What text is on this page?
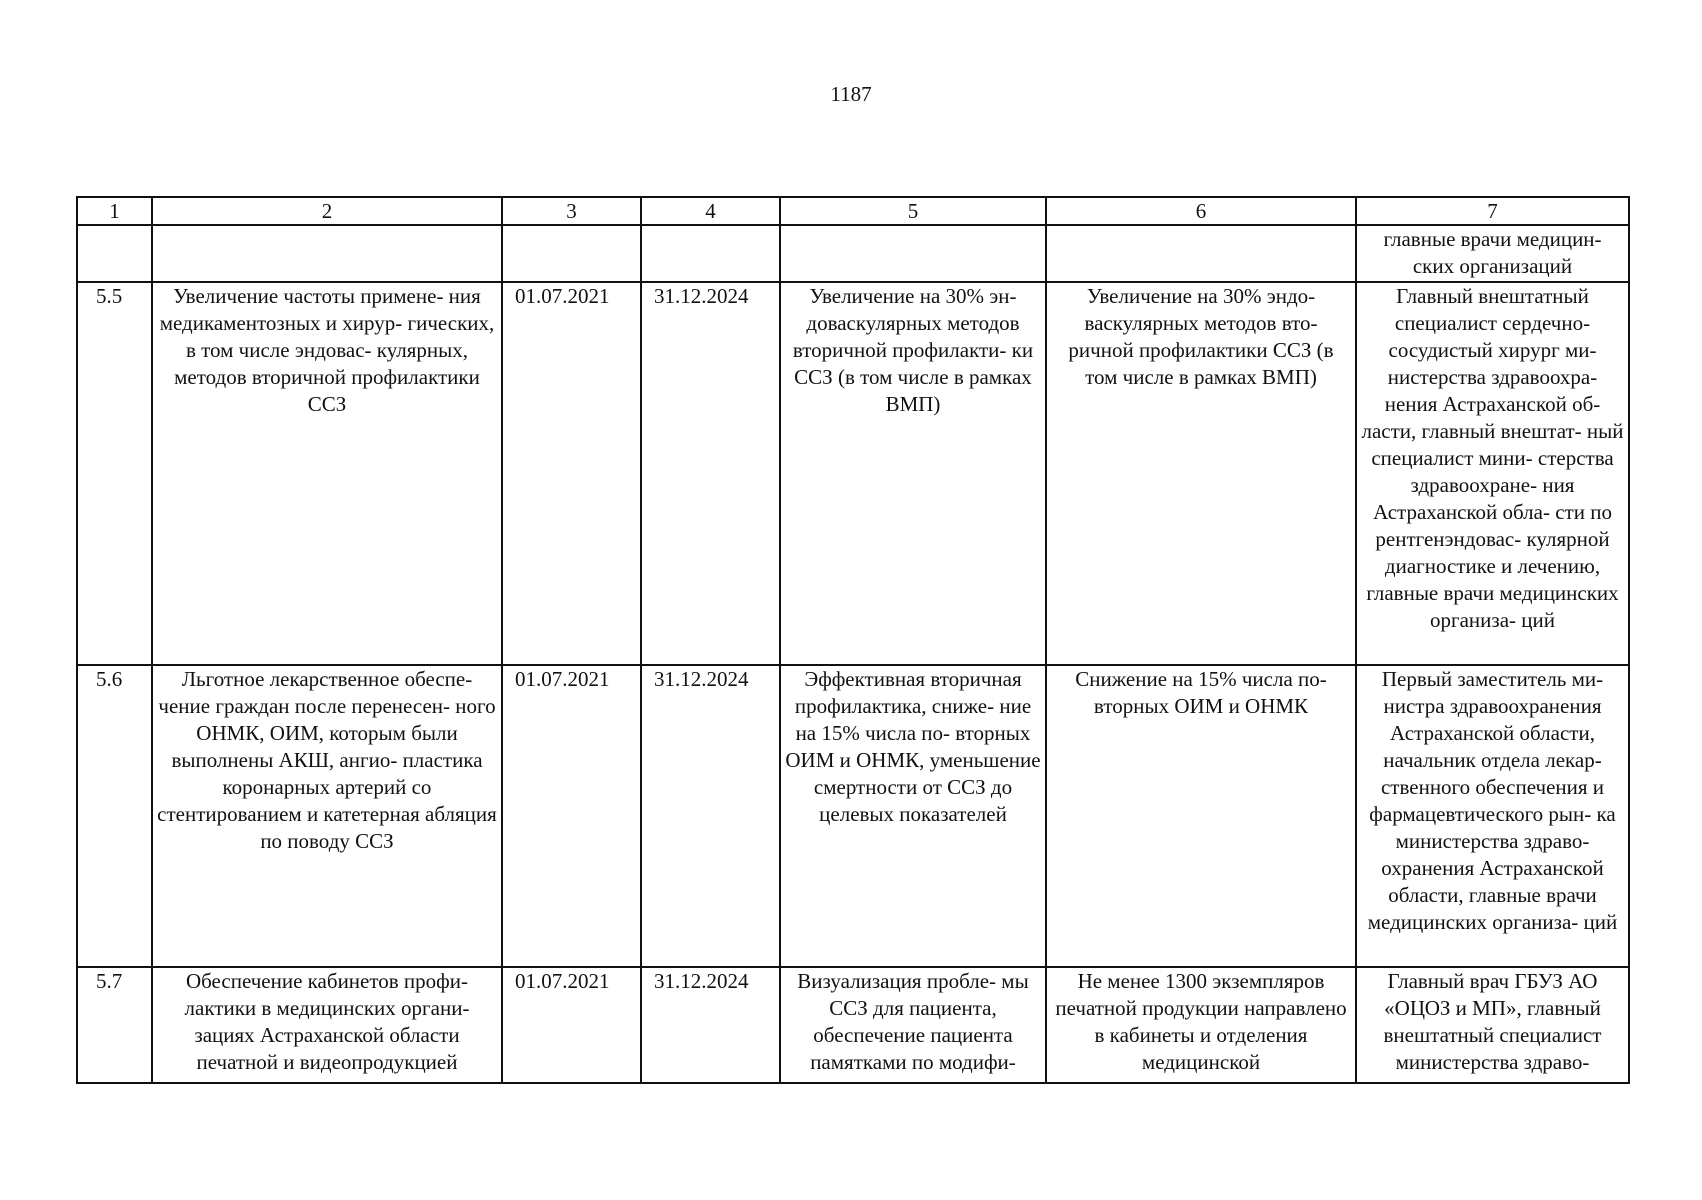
1187
1	2	3	4	5	6	7
						главные врачи медицин- ских организаций
5.5	Увеличение частоты примене- ния медикаментозных и хирур- гических, в том числе эндовас- кулярных, методов вторичной профилактики ССЗ	01.07.2021	31.12.2024	Увеличение на 30% эн- доваскулярных методов вторичной профилакти- ки ССЗ (в том числе в рамках ВМП)	Увеличение на 30% эндо- васкулярных методов вто- ричной профилактики ССЗ (в том числе в рамках ВМП)	Главный внештатный специалист сердечно- сосудистый хирург ми- нистерства здравоохра- нения Астраханской об- ласти, главный внештат- ный специалист мини- стерства здравоохране- ния Астраханской обла- сти по рентгенэндоваc- кулярной диагностике и лечению, главные врачи медицинских организа- ций
5.6	Льготное лекарственное обеспе- чение граждан после перенесен- ного ОНМК, ОИМ, которым были выполнены АКШ, ангио- пластика коронарных артерий со стентированием и катетерная абляция по поводу ССЗ	01.07.2021	31.12.2024	Эффективная вторичная профилактика, сниже- ние на 15% числа по- вторных ОИМ и ОНМК, уменьшение смертности от ССЗ до целевых показателей	Снижение на 15% числа по- вторных ОИМ и ОНМК	Первый заместитель ми- нистра здравоохранения Астраханской области, начальник отдела лекар- ственного обеспечения и фармацевтического рын- ка министерства здраво- охранения Астраханской области, главные врачи медицинских организа- ций
5.7	Обеспечение кабинетов профи- лактики в медицинских органи- зациях Астраханской области печатной и видеопродукцией	01.07.2021	31.12.2024	Визуализация пробле- мы ССЗ для пациента, обеспечение пациента памятками по модифи-	Не менее 1300 экземпляров печатной продукции направлено в кабинеты и отделения медицинской	Главный врач ГБУЗ АО «ОЦОЗ и МП», главный внештатный специалист министерства здраво-
